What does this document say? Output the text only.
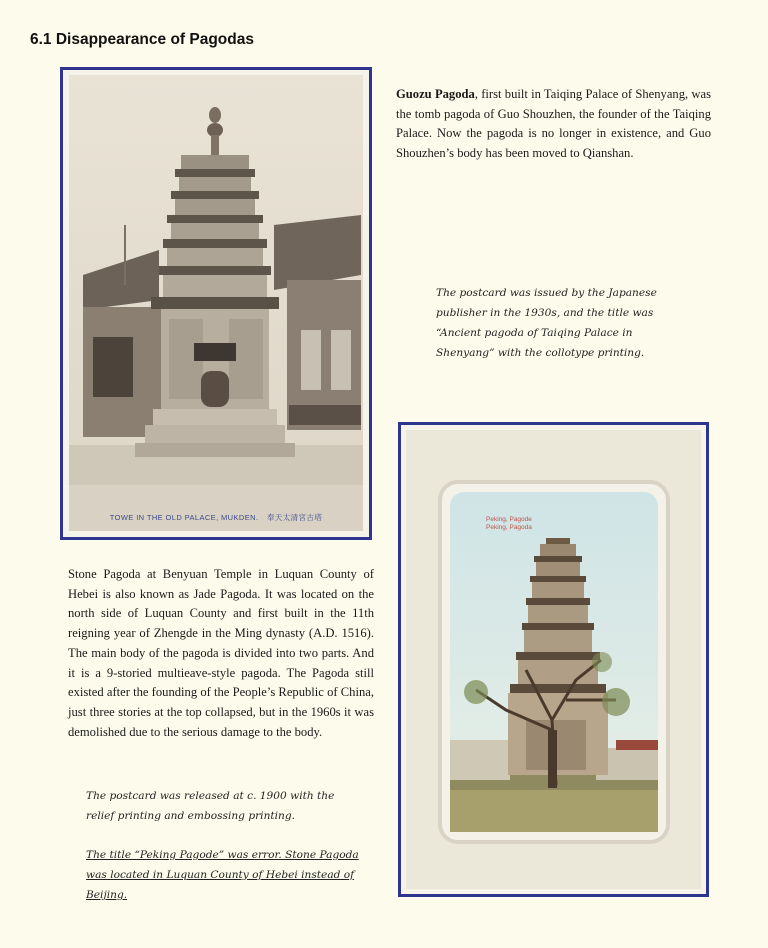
6.1 Disappearance of Pagodas
TOWE IN THE OLD PALACE, MUKDEN. 奉天太清宮古塔
Guozu Pagoda, first built in Taiqing Palace of Shenyang, was the tomb pagoda of Guo Shouzhen, the founder of the Taiqing Palace. Now the pagoda is no longer in existence, and Guo Shouzhen’s body has been moved to Qianshan.
The postcard was issued by the Japanese publisher in the 1930s, and the title was “Ancient pagoda of Taiqing Palace in Shenyang” with the collotype printing.
Peking, Pagode
Peking, Pagoda
Stone Pagoda at Benyuan Temple in Luquan County of Hebei is also known as Jade Pagoda. It was located on the north side of Luquan County and first built in the 11th reigning year of Zhengde in the Ming dynasty (A.D. 1516). The main body of the pagoda is divided into two parts. And it is a 9-storied multieave-style pagoda. The Pagoda still existed after the founding of the People’s Republic of China, just three stories at the top collapsed, but in the 1960s it was demolished due to the serious damage to the body.
The postcard was released at c. 1900 with the relief printing and embossing printing.
The title “Peking Pagode” was error. Stone Pagoda was located in Luquan County of Hebei instead of Beijing.
